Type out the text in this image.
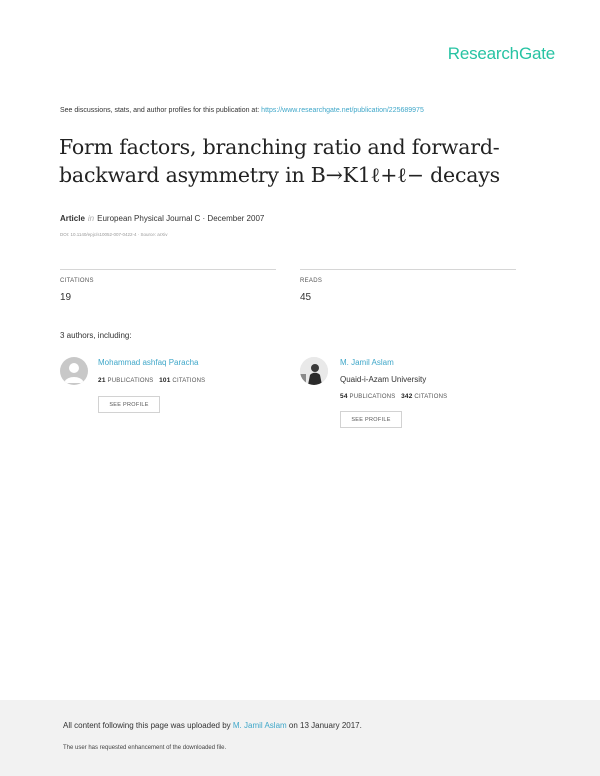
ResearchGate
See discussions, stats, and author profiles for this publication at: https://www.researchgate.net/publication/225689975
Form factors, branching ratio and forward-backward asymmetry in B→K1ℓ+ℓ− decays
Article in European Physical Journal C · December 2007
DOI: 10.1140/epjc/s10052-007-0422-4 · Source: arXiv
CITATIONS
19
READS
45
3 authors, including:
Mohammad ashfaq Paracha
21 PUBLICATIONS 101 CITATIONS
SEE PROFILE
M. Jamil Aslam
Quaid-i-Azam University
54 PUBLICATIONS 342 CITATIONS
SEE PROFILE
All content following this page was uploaded by M. Jamil Aslam on 13 January 2017.
The user has requested enhancement of the downloaded file.
